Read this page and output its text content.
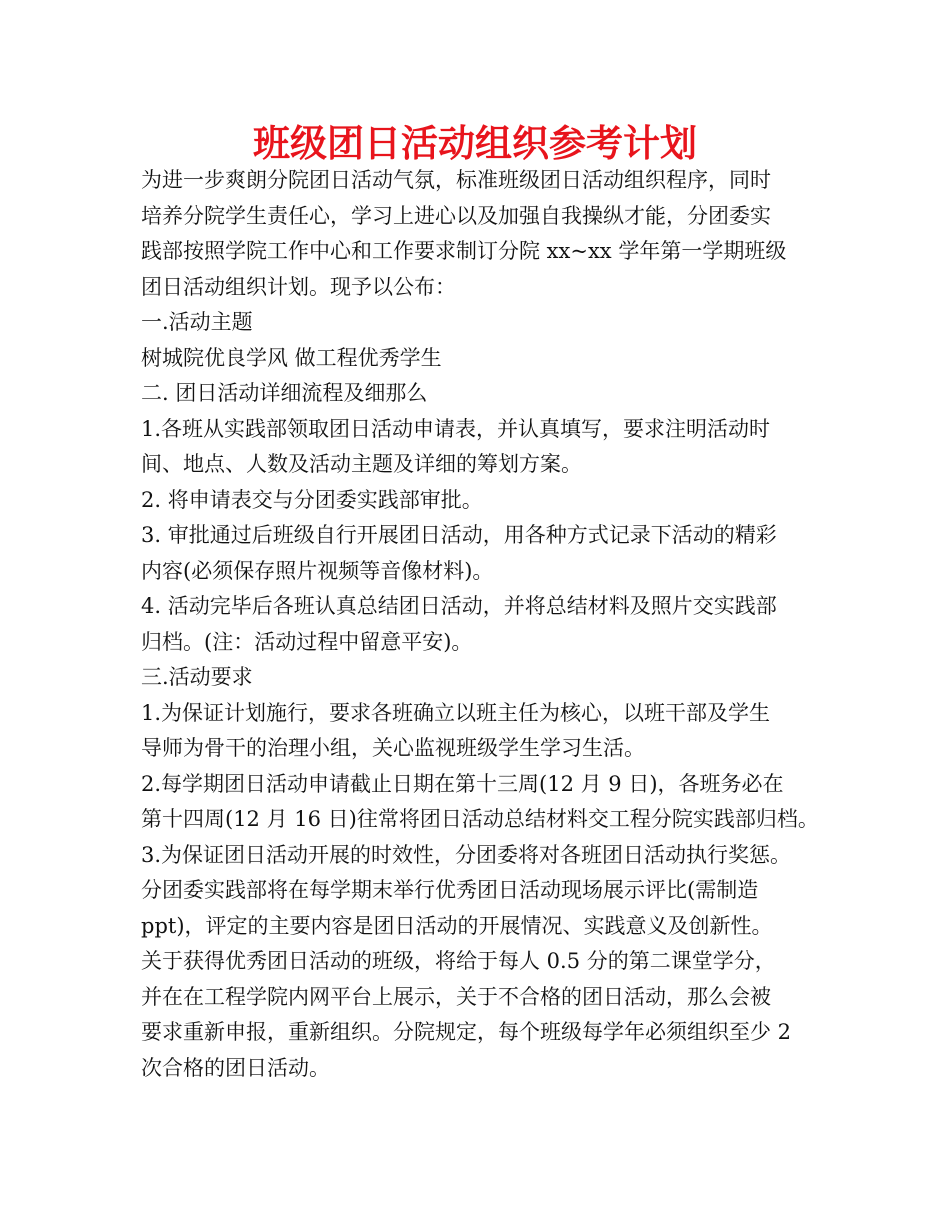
班级团日活动组织参考计划
为进一步爽朗分院团日活动气氛，标准班级团日活动组织程序，同时
培养分院学生责任心，学习上进心以及加强自我操纵才能，分团委实
践部按照学院工作中心和工作要求制订分院 xx~xx 学年第一学期班级
团日活动组织计划。现予以公布：
一.活动主题
树城院优良学风 做工程优秀学生
二. 团日活动详细流程及细那么
1.各班从实践部领取团日活动申请表，并认真填写，要求注明活动时
间、地点、人数及活动主题及详细的筹划方案。
2. 将申请表交与分团委实践部审批。
3. 审批通过后班级自行开展团日活动，用各种方式记录下活动的精彩
内容(必须保存照片视频等音像材料)。
4. 活动完毕后各班认真总结团日活动，并将总结材料及照片交实践部
归档。(注：活动过程中留意平安)。
三.活动要求
1.为保证计划施行，要求各班确立以班主任为核心，以班干部及学生
导师为骨干的治理小组，关心监视班级学生学习生活。
2.每学期团日活动申请截止日期在第十三周(12 月 9 日)，各班务必在
第十四周(12 月 16 日)往常将团日活动总结材料交工程分院实践部归档。
3.为保证团日活动开展的时效性，分团委将对各班团日活动执行奖惩。
分团委实践部将在每学期末举行优秀团日活动现场展示评比(需制造
ppt)，评定的主要内容是团日活动的开展情况、实践意义及创新性。
关于获得优秀团日活动的班级，将给于每人 0.5 分的第二课堂学分，
并在在工程学院内网平台上展示，关于不合格的团日活动，那么会被
要求重新申报，重新组织。分院规定，每个班级每学年必须组织至少 2
次合格的团日活动。
